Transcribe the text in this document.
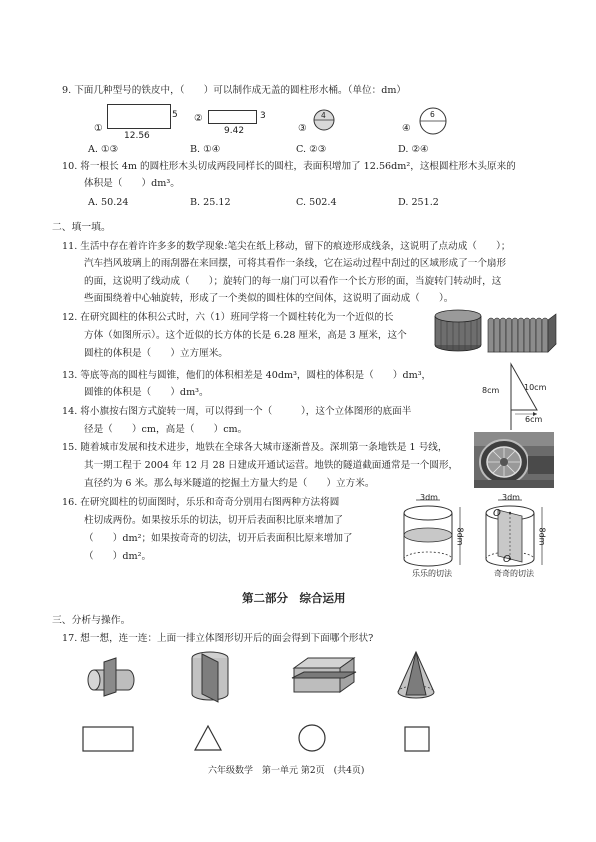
9. 下面几种型号的铁皮中，（　　）可以制作成无盖的圆柱形水桶。（单位：dm）
①
5
12.56
②	3
9.42	③
4
④
6
A. ①③	B. ①④	C. ②③	D. ②④
10. 将一根长 4m 的圆柱形木头切成两段同样长的圆柱，表面积增加了 12.56dm²，这根圆柱形木头原来的
体积是（　　）dm³。
A. 50.24	B. 25.12	C. 502.4	D. 251.2
二、填一填。
11. 生活中存在着许许多多的数学现象:笔尖在纸上移动，留下的痕迹形成线条，这说明了点动成（　　）；
汽车挡风玻璃上的雨刮器在来回摆，可将其看作一条线，它在运动过程中刮过的区域形成了一个扇形
的面，这说明了线动成（　　）；旋转门的每一扇门可以看作一个长方形的面，当旋转门转动时，这
些面围绕着中心轴旋转，形成了一个类似的圆柱体的空间体，这说明了面动成（　　）。
12. 在研究圆柱的体积公式时，六（1）班同学将一个圆柱转化为一个近似的长
方体（如图所示）。这个近似的长方体的长是 6.28 厘米，高是 3 厘米，这个
圆柱的体积是（　　）立方厘米。
13. 等底等高的圆柱与圆锥，他们的体积相差是 40dm³，圆柱的体积是（　　）dm³，
圆锥的体积是（　　）dm³。	8cm	10cm
6cm
14. 将小旗按右图方式旋转一周，可以得到一个（　　　），这个立体图形的底面半
径是（　　）cm，高是（　　）cm。
15. 随着城市发展和技术进步，地铁在全球各大城市逐渐普及。深圳第一条地铁是 1 号线，
其一期工程于 2004 年 12 月 28 日建成开通试运营。地铁的隧道截面通常是一个圆形，
直径约为 6 米。那么每米隧道的挖掘土方量大约是（　　）立方米。
16. 在研究圆柱的切面图时，乐乐和奇奇分别用右图两种方法将圆
柱切成两份。如果按乐乐的切法，切开后表面积比原来增加了
（　　）dm²；如果按奇奇的切法，切开后表面积比原来增加了
（　　）dm²。
3dm
8dm
乐乐的切法
3dm
O
O
8dm
奇奇的切法
第二部分　综合运用
三、分析与操作。
17. 想一想，连一连：上面一排立体图形切开后的面会得到下面哪个形状?
六年级数学　第一单元 第2页　(共4页)
